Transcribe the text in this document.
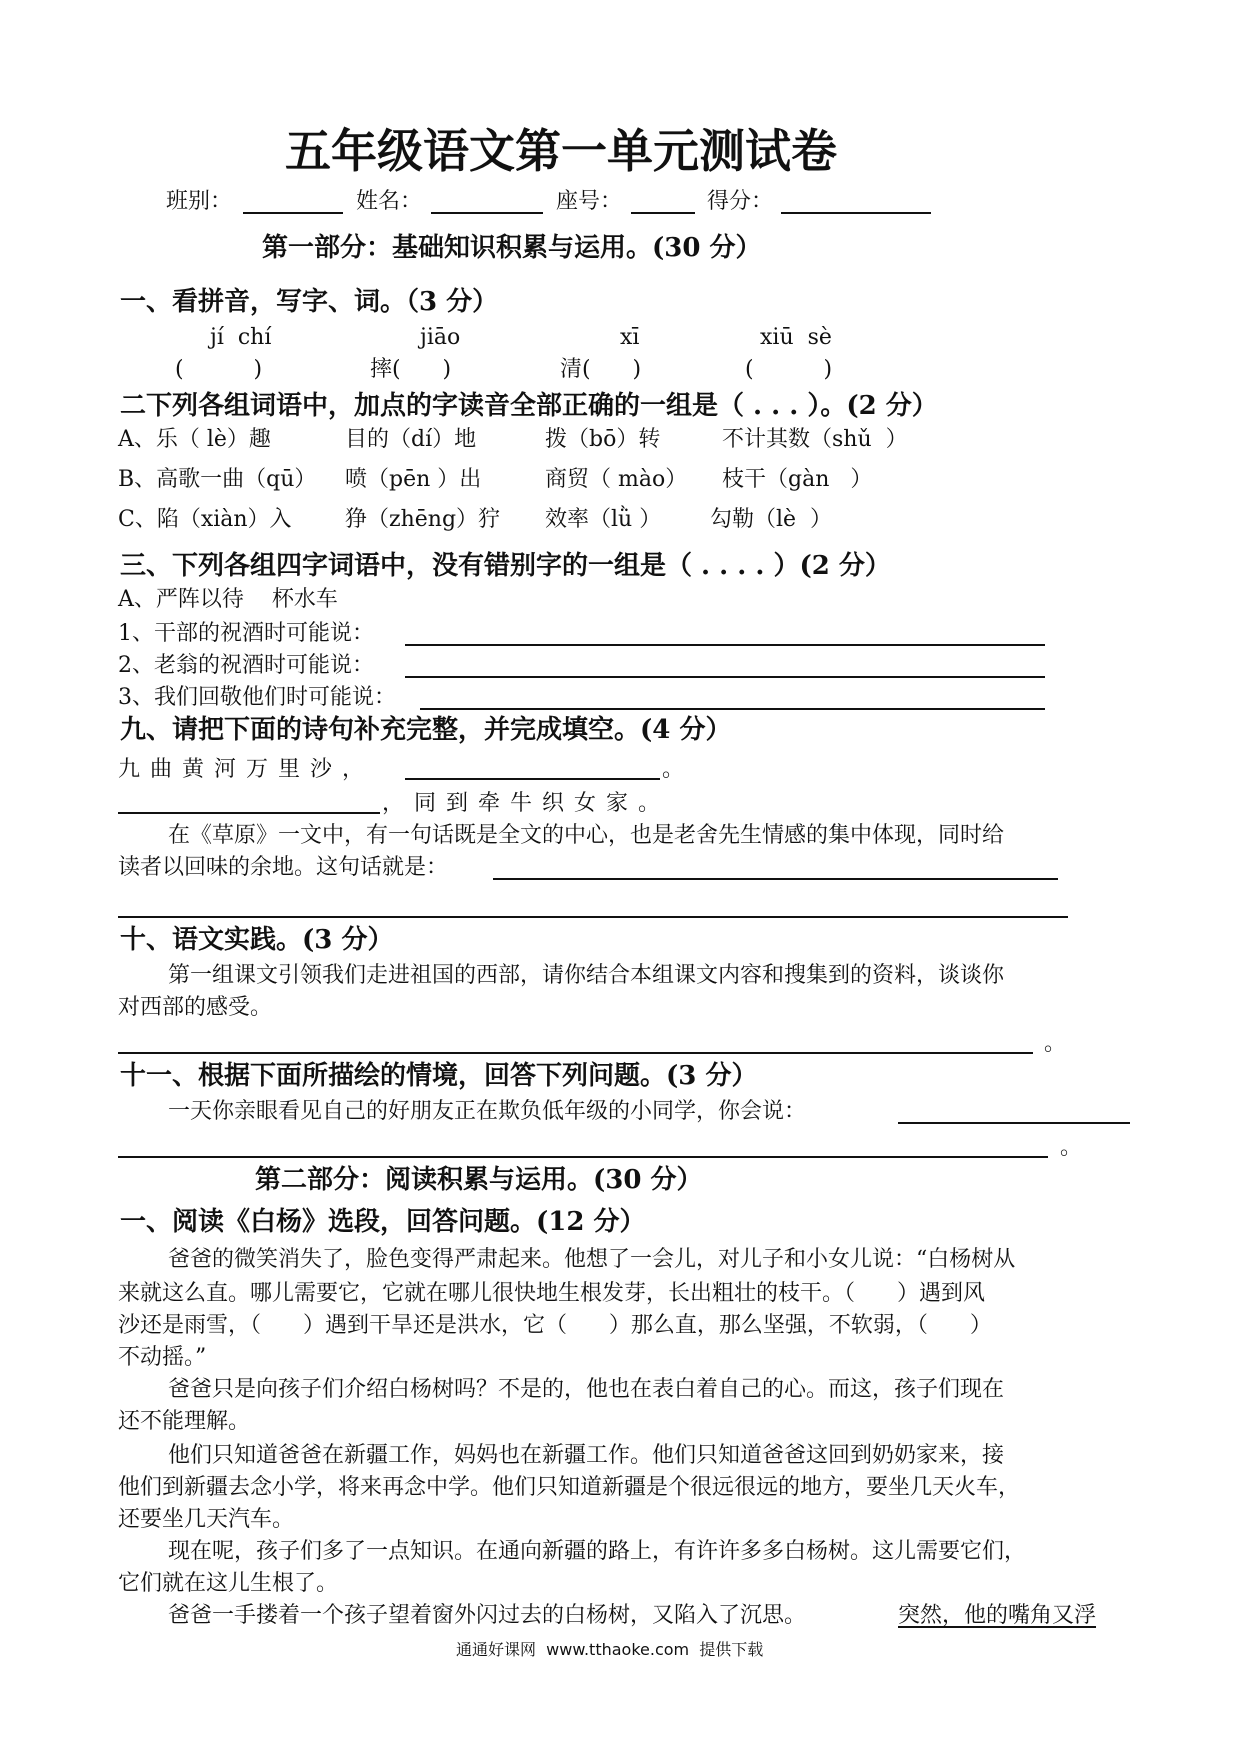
五年级语文第一单元测试卷
班别：	姓名：	座号：	得分：
第一部分：基础知识积累与运用。(30 分）
一、看拼音，写字、词。（3 分）
jí  chí	jiāo	xī	xiū  sè
(          )	摔(      )	清(      )	(          )
二下列各组词语中，加点的字读音全部正确的一组是（ . . . ）。(2 分）
A、乐（ lè）趣	目的（dí）地	拨（bō）转	不计其数（shǔ  ）
B、高歌一曲（qū） 喷（pēn ）出	商贸（ mào） 枝干（gàn   ）
C、陷（xiàn）入 狰（zhēng）狞 效率（lǜ ） 勾勒（lè  ）
三、下列各组四字词语中，没有错别字的一组是（ . . . . ）(2 分）
A、严阵以待    杯水车
1、干部的祝酒时可能说：
2、老翁的祝酒时可能说：
3、我们回敬他们时可能说：
九、请把下面的诗句补充完整，并完成填空。(4 分）
九曲黄河万里沙，	。
，同到牵牛织女家。
在《草原》一文中，有一句话既是全文的中心，也是老舍先生情感的集中体现，同时给
读者以回味的余地。这句话就是：
十、语文实践。(3 分）
第一组课文引领我们走进祖国的西部，请你结合本组课文内容和搜集到的资料，谈谈你
对西部的感受。
。
十一、根据下面所描绘的情境，回答下列问题。(3 分）
一天你亲眼看见自己的好朋友正在欺负低年级的小同学，你会说：
。
第二部分：阅读积累与运用。(30 分）
一、阅读《白杨》选段，回答问题。(12 分）
爸爸的微笑消失了，脸色变得严肃起来。他想了一会儿，对儿子和小女儿说：“白杨树从
来就这么直。哪儿需要它，它就在哪儿很快地生根发芽，长出粗壮的枝干。（      ）遇到风
沙还是雨雪，（      ）遇到干旱还是洪水，它（      ）那么直，那么坚强，不软弱，（      ）
不动摇。”
爸爸只是向孩子们介绍白杨树吗？不是的，他也在表白着自己的心。而这，孩子们现在
还不能理解。
他们只知道爸爸在新疆工作，妈妈也在新疆工作。他们只知道爸爸这回到奶奶家来，接
他们到新疆去念小学，将来再念中学。他们只知道新疆是个很远很远的地方，要坐几天火车，
还要坐几天汽车。
现在呢，孩子们多了一点知识。在通向新疆的路上，有许许多多白杨树。这儿需要它们，
它们就在这儿生根了。
爸爸一手搂着一个孩子望着窗外闪过去的白杨树，又陷入了沉思。	突然，他的嘴角又浮
通通好课网  www.tthaoke.com  提供下载
